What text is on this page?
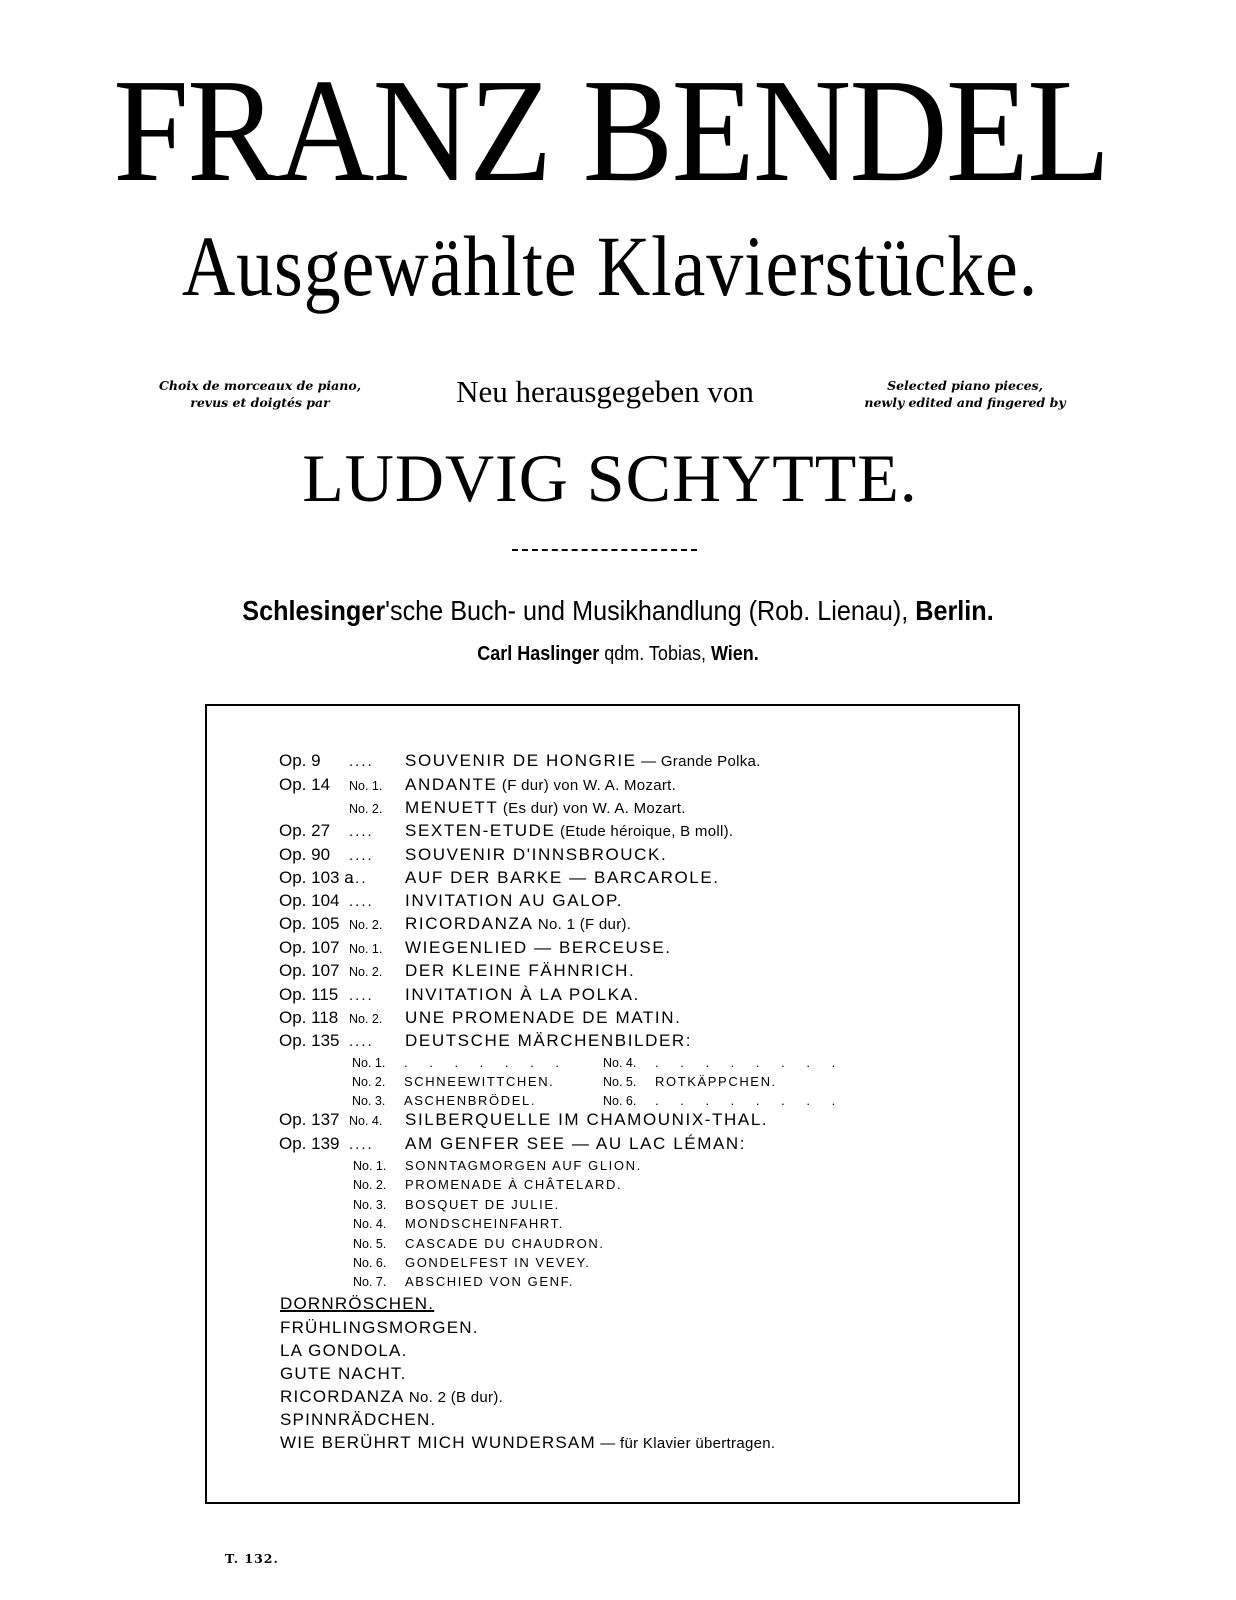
FRANZ BENDEL
Ausgewählte Klavierstücke.
Choix de morceaux de piano,
revus et doigtés par	Neu herausgegeben von	Selected piano pieces,
newly edited and fingered by
LUDVIG SCHYTTE.
Schlesinger'sche Buch- und Musikhandlung (Rob. Lienau), Berlin.
Carl Haslinger qdm. Tobias, Wien.
Op. 9 .... SOUVENIR DE HONGRIE — Grande Polka.
Op. 14 No. 1. ANDANTE (F dur) von W. A. Mozart.
No. 2. MENUETT (Es dur) von W. A. Mozart.
Op. 27 .... SEXTEN-ETUDE (Etude héroique, B moll).
Op. 90 .... SOUVENIR D'INNSBROUCK.
Op. 103 a... AUF DER BARKE — BARCAROLE.
Op. 104 .... INVITATION AU GALOP.
Op. 105 No. 2. RICORDANZA No. 1 (F dur).
Op. 107 No. 1. WIEGENLIED — BERCEUSE.
Op. 107 No. 2. DER KLEINE FÄHNRICH.
Op. 115 .... INVITATION À LA POLKA.
Op. 118 No. 2. UNE PROMENADE DE MATIN.
Op. 135 .... DEUTSCHE MÄRCHENBILDER:
No. 1. . . . . . . .
No. 2. SCHNEEWITTCHEN.
No. 3. ASCHENBRÖDEL.
No. 4. . . . . . . . .
No. 5. ROTKÄPPCHEN.
No. 6. . . . . . . . .
Op. 137 No. 4. SILBERQUELLE IM CHAMOUNIX-THAL.
Op. 139 .... AM GENFER SEE — AU LAC LÉMAN:
No. 1. SONNTAGMORGEN AUF GLION.
No. 2. PROMENADE À CHÂTELARD.
No. 3. BOSQUET DE JULIE.
No. 4. MONDSCHEINFAHRT.
No. 5. CASCADE DU CHAUDRON.
No. 6. GONDELFEST IN VEVEY.
No. 7. ABSCHIED VON GENF.
DORNRÖSCHEN.
FRÜHLINGSMORGEN.
LA GONDOLA.
GUTE NACHT.
RICORDANZA No. 2 (B dur).
SPINNRÄDCHEN.
WIE BERÜHRT MICH WUNDERSAM — für Klavier übertragen.
T. 132.
